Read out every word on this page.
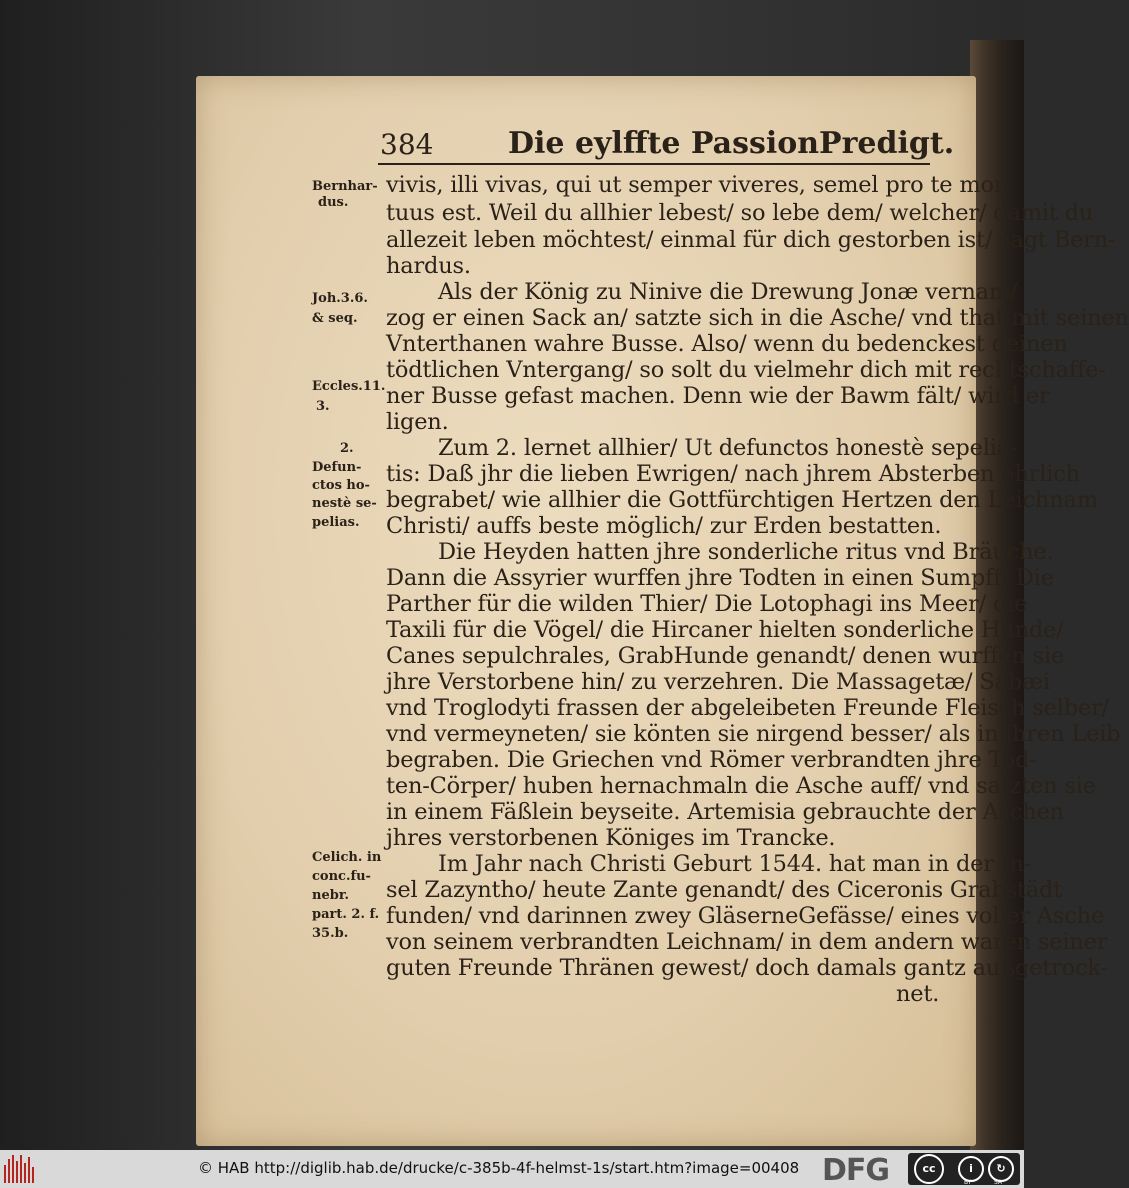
384 Die eylffte PassionPredigt.
vivis, illi vivas, qui ut semper viveres, semel pro te mor-
tuus est. Weil du allhier lebest/ so lebe dem/ welcher/ damit du
allezeit leben möchtest/ einmal für dich gestorben ist/ sagt Bern-
hardus.
Als der König zu Ninive die Drewung Jonæ vernam/
zog er einen Sack an/ satzte sich in die Asche/ vnd that mit seinen
Vnterthanen wahre Busse. Also/ wenn du bedenckest deinen
tödtlichen Vntergang/ so solt du vielmehr dich mit rechtschaffe-
ner Busse gefast machen. Denn wie der Bawm fält/ wird er
ligen.
Zum 2. lernet allhier/ Ut defunctos honestè sepelia-
tis: Daß jhr die lieben Ewrigen/ nach jhrem Absterben ehrlich
begrabet/ wie allhier die Gottfürchtigen Hertzen den Leichnam
Christi/ auffs beste möglich/ zur Erden bestatten.
Die Heyden hatten jhre sonderliche ritus vnd Bräuche.
Dann die Assyrier wurffen jhre Todten in einen Sumpff/ Die
Parther für die wilden Thier/ Die Lotophagi ins Meer/ die
Taxili für die Vögel/ die Hircaner hielten sonderliche Hunde/
Canes sepulchrales, GrabHunde genandt/ denen wurffen sie
jhre Verstorbene hin/ zu verzehren. Die Massagetæ/ Sabæi
vnd Troglodyti frassen der abgeleibeten Freunde Fleisch selber/
vnd vermeyneten/ sie könten sie nirgend besser/ als in jhren Leib
begraben. Die Griechen vnd Römer verbrandten jhre Tod-
ten-Cörper/ huben hernachmaln die Asche auff/ vnd satzten sie
in einem Fäßlein beyseite. Artemisia gebrauchte der Aschen
jhres verstorbenen Königes im Trancke.
Im Jahr nach Christi Geburt 1544. hat man in der In-
sel Zazyntho/ heute Zante genandt/ des Ciceronis Grabstädt
funden/ vnd darinnen zwey GläserneGefässe/ eines voller Asche
von seinem verbrandten Leichnam/ in dem andern waren seiner
guten Freunde Thränen gewest/ doch damals gantz außgetrock-
net.
Bernhar-
dus.
Joh.3.6.
& seq.
Eccles.11.
3.
2.
Defun-
ctos ho-
nestè se-
pelias.
Celich. in
conc.fu-
nebr.
part. 2. f.
35.b.
© HAB http://diglib.hab.de/drucke/c-385b-4f-helmst-1s/start.htm?image=00408 DFG	cc	i	↻
BY	SA
